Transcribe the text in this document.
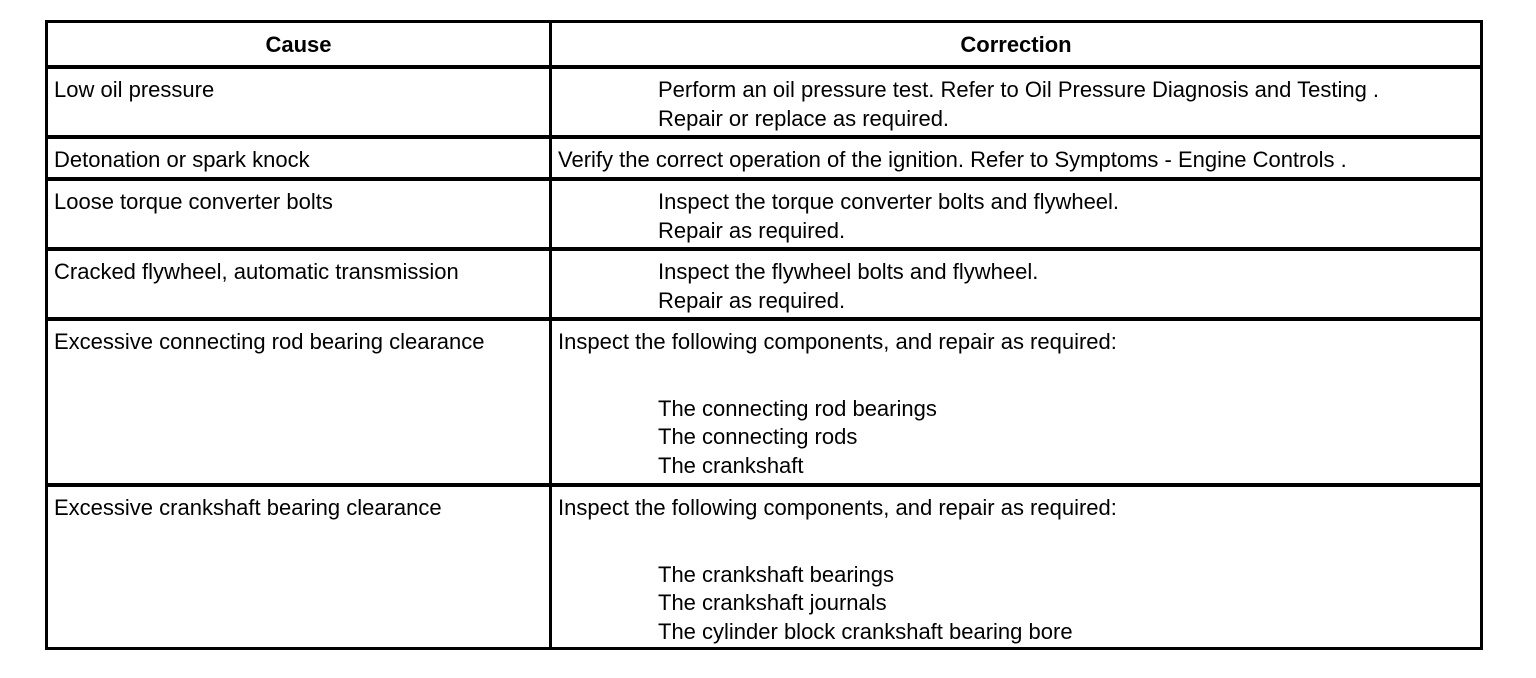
Cause	Correction
Low oil pressure	Perform an oil pressure test. Refer to Oil Pressure Diagnosis and Testing .
Repair or replace as required.
Detonation or spark knock	Verify the correct operation of the ignition. Refer to Symptoms - Engine Controls .
Loose torque converter bolts	Inspect the torque converter bolts and flywheel.
Repair as required.
Cracked flywheel, automatic transmission	Inspect the flywheel bolts and flywheel.
Repair as required.
Excessive connecting rod bearing clearance	Inspect the following components, and repair as required:
The connecting rod bearings
The connecting rods
The crankshaft
Excessive crankshaft bearing clearance	Inspect the following components, and repair as required:
The crankshaft bearings
The crankshaft journals
The cylinder block crankshaft bearing bore
